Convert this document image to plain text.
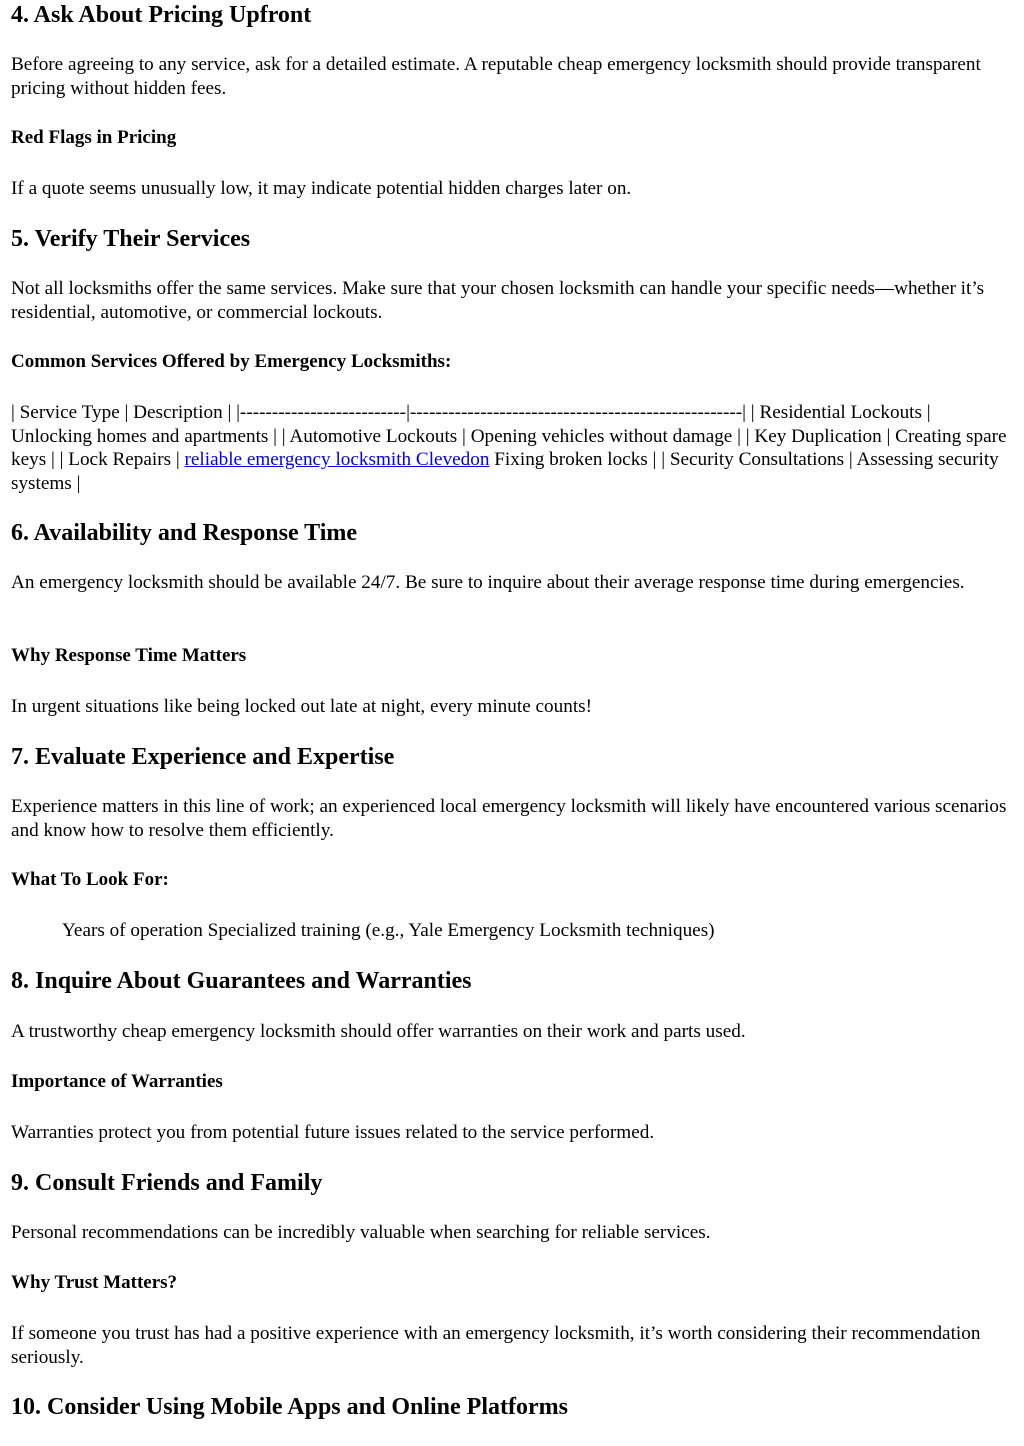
4. Ask About Pricing Upfront

Before agreeing to any service, ask for a detailed estimate. A reputable cheap emergency locksmith should provide transparent pricing without hidden fees.

Red Flags in Pricing

If a quote seems unusually low, it may indicate potential hidden charges later on.

5. Verify Their Services

Not all locksmiths offer the same services. Make sure that your chosen locksmith can handle your specific needs—whether it’s residential, automotive, or commercial lockouts.

Common Services Offered by Emergency Locksmiths:

| Service Type | Description | |--------------------------|----------------------------------------------------| | Residential Lockouts | Unlocking homes and apartments | | Automotive Lockouts | Opening vehicles without damage | | Key Duplication | Creating spare keys | | Lock Repairs | reliable emergency locksmith Clevedon Fixing broken locks | | Security Consultations | Assessing security systems |

6. Availability and Response Time

An emergency locksmith should be available 24/7. Be sure to inquire about their average response time during emergencies.

Why Response Time Matters

In urgent situations like being locked out late at night, every minute counts!

7. Evaluate Experience and Expertise

Experience matters in this line of work; an experienced local emergency locksmith will likely have encountered various scenarios and know how to resolve them efficiently.

What To Look For:

Years of operation Specialized training (e.g., Yale Emergency Locksmith techniques)

8. Inquire About Guarantees and Warranties

A trustworthy cheap emergency locksmith should offer warranties on their work and parts used.

Importance of Warranties

Warranties protect you from potential future issues related to the service performed.

9. Consult Friends and Family

Personal recommendations can be incredibly valuable when searching for reliable services.

Why Trust Matters?

If someone you trust has had a positive experience with an emergency locksmith, it’s worth considering their recommendation seriously.

10. Consider Using Mobile Apps and Online Platforms
